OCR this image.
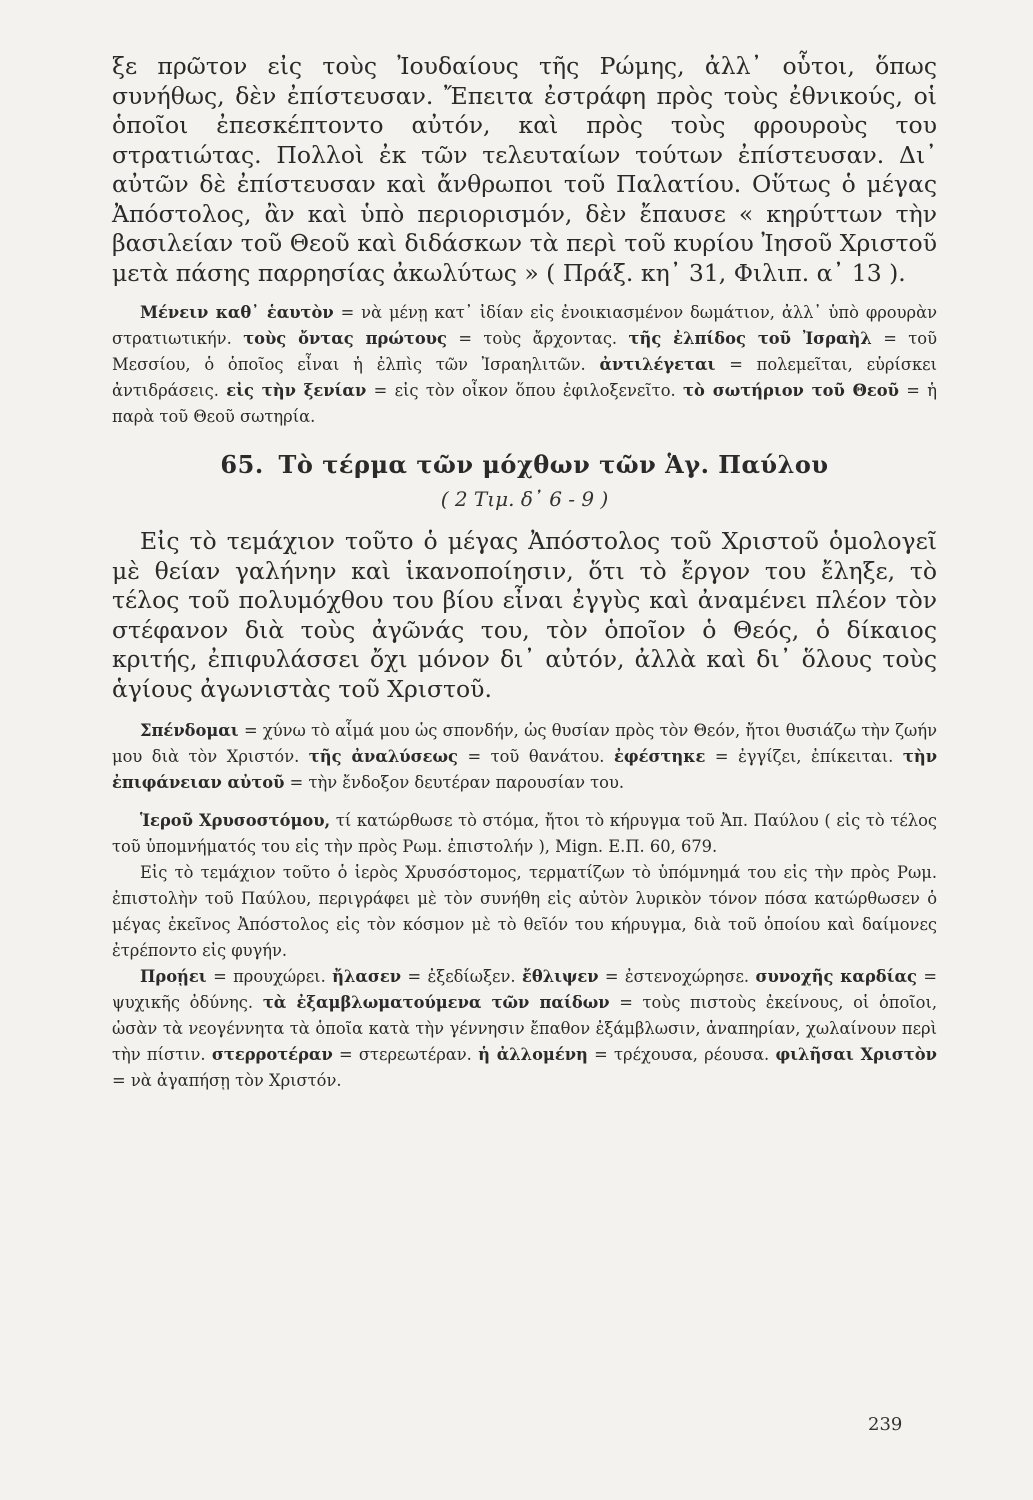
ξε πρῶτον εἰς τοὺς Ἰουδαίους τῆς Ρώμης, ἀλλ᾽ οὗτοι, ὅπως συνήθως, δὲν ἐπίστευσαν. Ἔπειτα ἐστράφη πρὸς τοὺς ἐθνικούς, οἱ ὁποῖοι ἐπεσκέπτοντο αὐτόν, καὶ πρὸς τοὺς φρουροὺς του στρατιώτας. Πολλοὶ ἐκ τῶν τελευταίων τούτων ἐπίστευσαν. Δι᾽ αὐτῶν δὲ ἐπίστευσαν καὶ ἄνθρωποι τοῦ Παλατίου. Οὕτως ὁ μέγας Ἀπόστολος, ἂν καὶ ὑπὸ περιορισμόν, δὲν ἔπαυσε « κηρύττων τὴν βασιλείαν τοῦ Θεοῦ καὶ διδάσκων τὰ περὶ τοῦ κυρίου Ἰησοῦ Χριστοῦ μετὰ πάσης παρρησίας ἀκωλύτως » ( Πράξ. κη᾽ 31, Φιλιπ. α᾽ 13 ).

Μένειν καθ᾽ ἑαυτὸν = νὰ μένῃ κατ᾽ ἰδίαν εἰς ἐνοικιασμένον δωμάτιον, ἀλλ᾽ ὑπὸ φρουρὰν στρατιωτικήν. τοὺς ὄντας πρώτους = τοὺς ἄρχοντας. τῆς ἐλπίδος τοῦ Ἰσραὴλ = τοῦ Μεσσίου, ὁ ὁποῖος εἶναι ἡ ἐλπὶς τῶν Ἰσραηλιτῶν. ἀντιλέγεται = πολεμεῖται, εὑρίσκει ἀντιδράσεις. εἰς τὴν ξενίαν = εἰς τὸν οἶκον ὅπου ἐφιλοξενεῖτο. τὸ σωτήριον τοῦ Θεοῦ = ἡ παρὰ τοῦ Θεοῦ σωτηρία.

65. Τὸ τέρμα τῶν μόχθων τῶν Ἁγ. Παύλου
( 2 Τιμ. δ᾽ 6 - 9 )

Εἰς τὸ τεμάχιον τοῦτο ὁ μέγας Ἀπόστολος τοῦ Χριστοῦ ὁμολογεῖ μὲ θείαν γαλήνην καὶ ἱκανοποίησιν, ὅτι τὸ ἔργον του ἔληξε, τὸ τέλος τοῦ πολυμόχθου του βίου εἶναι ἐγγὺς καὶ ἀναμένει πλέον τὸν στέφανον διὰ τοὺς ἀγῶνάς του, τὸν ὁποῖον ὁ Θεός, ὁ δίκαιος κριτής, ἐπιφυλάσσει ὄχι μόνον δι᾽ αὐτόν, ἀλλὰ καὶ δι᾽ ὅλους τοὺς ἁγίους ἀγωνιστὰς τοῦ Χριστοῦ.

Σπένδομαι = χύνω τὸ αἷμά μου ὡς σπονδήν, ὡς θυσίαν πρὸς τὸν Θεόν, ἤτοι θυσιάζω τὴν ζωήν μου διὰ τὸν Χριστόν. τῆς ἀναλύσεως = τοῦ θανάτου. ἐφέστηκε = ἐγγίζει, ἐπίκειται. τὴν ἐπιφάνειαν αὐτοῦ = τὴν ἔνδοξον δευτέραν παρουσίαν του.

Ἱεροῦ Χρυσοστόμου, τί κατώρθωσε τὸ στόμα, ἤτοι τὸ κήρυγμα τοῦ Ἀπ. Παύλου ( εἰς τὸ τέλος τοῦ ὑπομνήματός του εἰς τὴν πρὸς Ρωμ. ἐπιστολήν ), Mign. Ε.Π. 60, 679.

Εἰς τὸ τεμάχιον τοῦτο ὁ ἱερὸς Χρυσόστομος, τερματίζων τὸ ὑπόμνημά του εἰς τὴν πρὸς Ρωμ. ἐπιστολὴν τοῦ Παύλου, περιγράφει μὲ τὸν συνήθη εἰς αὐτὸν λυρικὸν τόνον πόσα κατώρθωσεν ὁ μέγας ἐκεῖνος Ἀπόστολος εἰς τὸν κόσμον μὲ τὸ θεῖόν του κήρυγμα, διὰ τοῦ ὁποίου καὶ δαίμονες ἐτρέποντο εἰς φυγήν.

Προῄει = προυχώρει. ἤλασεν = ἐξεδίωξεν. ἔθλιψεν = ἐστενοχώρησε. συνοχῆς καρδίας = ψυχικῆς ὀδύνης. τὰ ἐξαμβλωματούμενα τῶν παίδων = τοὺς πιστοὺς ἐκείνους, οἱ ὁποῖοι, ὡσὰν τὰ νεογέννητα τὰ ὁποῖα κατὰ τὴν γέννησιν ἔπαθον ἐξάμβλωσιν, ἀναπηρίαν, χωλαίνουν περὶ τὴν πίστιν. στερροτέραν = στερεωτέραν. ἡ ἀλλομένη = τρέχουσα, ρέουσα. φιλῆσαι Χριστὸν = νὰ ἀγαπήσῃ τὸν Χριστόν.

239
